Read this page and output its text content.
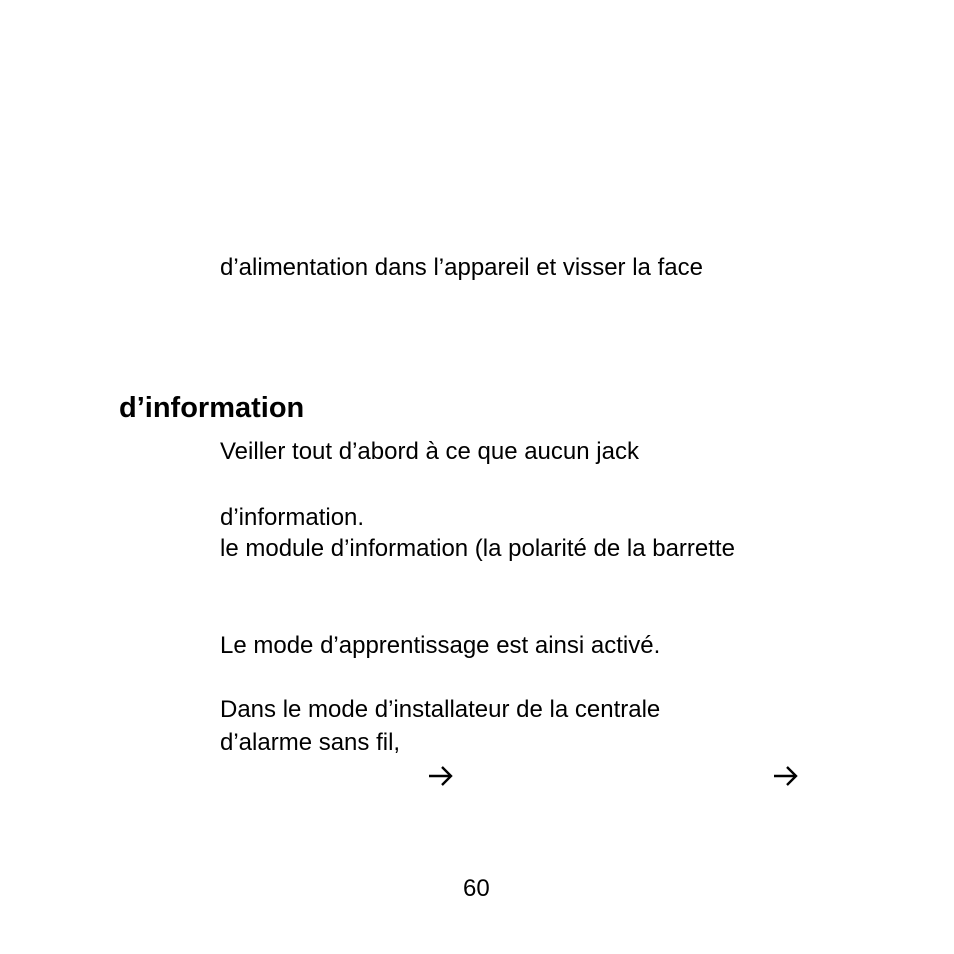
d’alimentation dans l’appareil et visser la face
d’information
Veiller tout d’abord à ce que aucun jack
d’information.
le module d’information (la polarité de la barrette
Le mode d’apprentissage est ainsi activé.
Dans le mode d’installateur de la centrale
d’alarme sans fil,
60
